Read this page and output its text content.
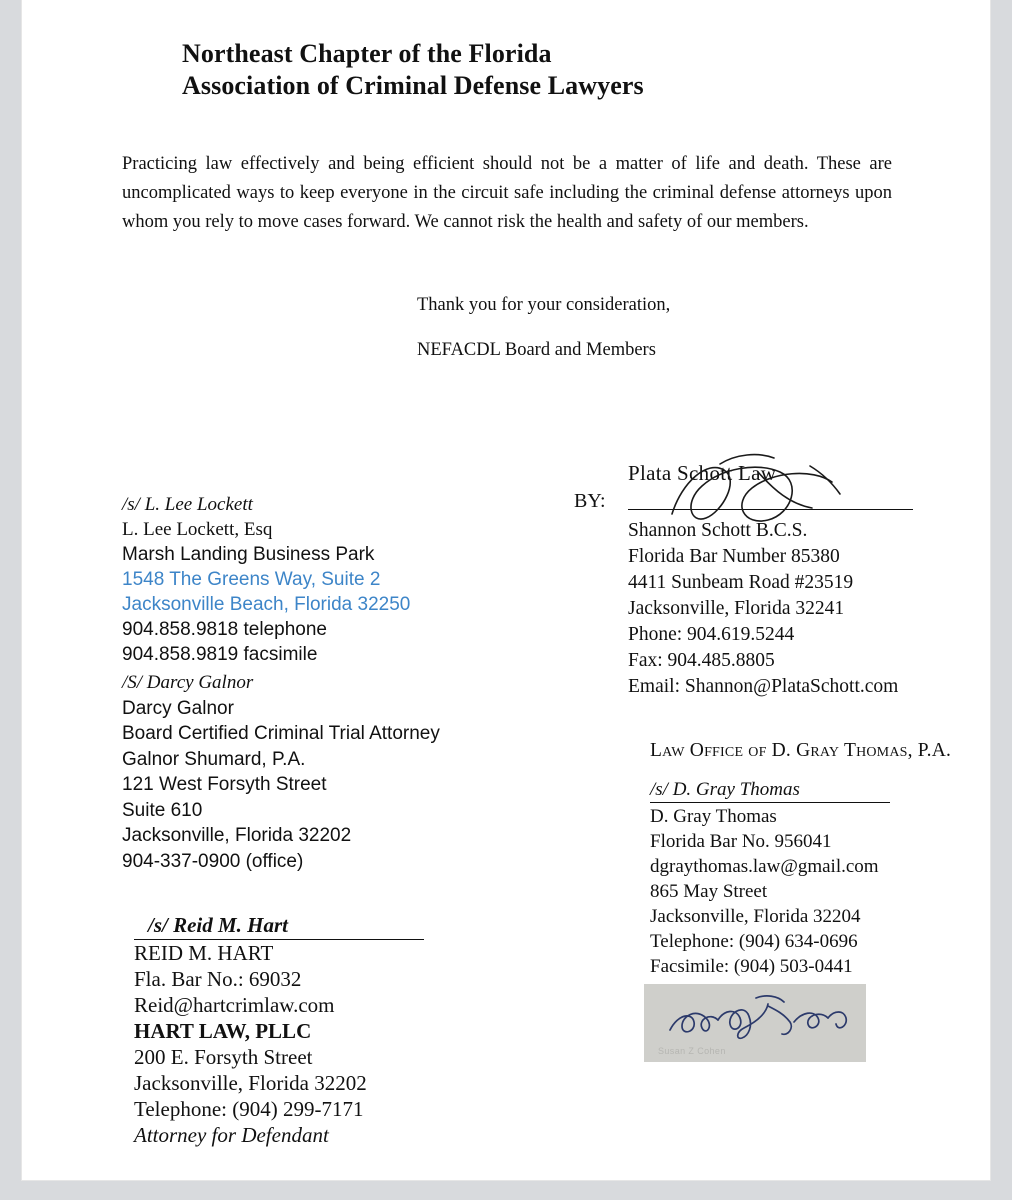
Northeast Chapter of the Florida
Association of Criminal Defense Lawyers
Practicing law effectively and being efficient should not be a matter of life and death. These are uncomplicated ways to keep everyone in the circuit safe including the criminal defense attorneys upon whom you rely to move cases forward. We cannot risk the health and safety of our members.
Thank you for your consideration,
NEFACDL Board and Members
/s/ L. Lee Lockett
L. Lee Lockett, Esq
Marsh Landing Business Park
1548 The Greens Way, Suite 2
Jacksonville Beach, Florida 32250
904.858.9818 telephone
904.858.9819 facsimile
/S/ Darcy Galnor
Darcy Galnor
Board Certified Criminal Trial Attorney
Galnor Shumard, P.A.
121 West Forsyth Street
Suite 610
Jacksonville, Florida 32202
904-337-0900 (office)
/s/ Reid M. Hart
REID M. HART
Fla. Bar No.: 69032
Reid@hartcrimlaw.com
HART LAW, PLLC
200 E. Forsyth Street
Jacksonville, Florida 32202
Telephone: (904) 299-7171
Attorney for Defendant
Plata Schott Law
BY:
Shannon Schott B.C.S.
Florida Bar Number 85380
4411 Sunbeam Road #23519
Jacksonville, Florida 32241
Phone: 904.619.5244
Fax: 904.485.8805
Email: Shannon@PlataSchott.com
Law Office of D. Gray Thomas, P.A.
/s/ D. Gray Thomas
D. Gray Thomas
Florida Bar No. 956041
dgraythomas.law@gmail.com
865 May Street
Jacksonville, Florida 32204
Telephone: (904) 634-0696
Facsimile: (904) 503-0441
Susan Z Cohen
